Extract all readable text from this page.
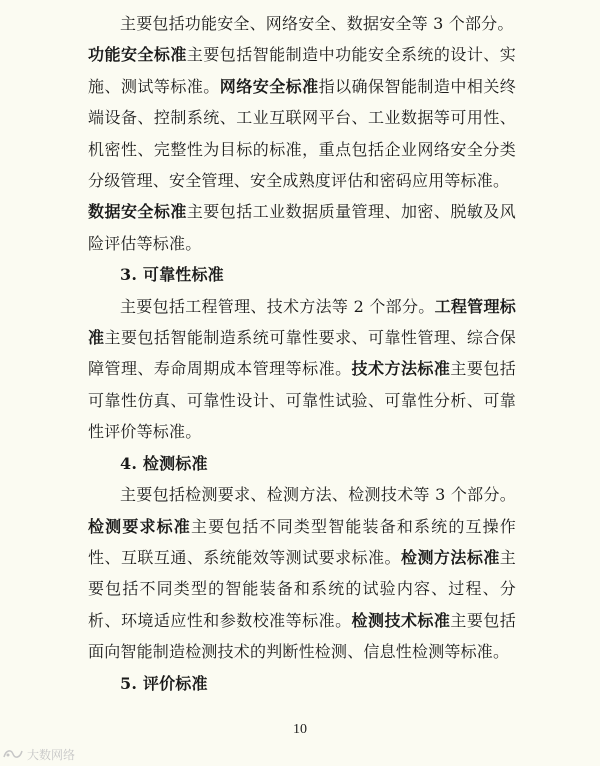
主要包括功能安全、网络安全、数据安全等 3 个部分。

功能安全标准主要包括智能制造中功能安全系统的设计、实施、测试等标准。网络安全标准指以确保智能制造中相关终端设备、控制系统、工业互联网平台、工业数据等可用性、机密性、完整性为目标的标准，重点包括企业网络安全分类分级管理、安全管理、安全成熟度评估和密码应用等标准。

数据安全标准主要包括工业数据质量管理、加密、脱敏及风险评估等标准。

3. 可靠性标准

主要包括工程管理、技术方法等 2 个部分。工程管理标准主要包括智能制造系统可靠性要求、可靠性管理、综合保障管理、寿命周期成本管理等标准。技术方法标准主要包括可靠性仿真、可靠性设计、可靠性试验、可靠性分析、可靠性评价等标准。

4. 检测标准

主要包括检测要求、检测方法、检测技术等 3 个部分。检测要求标准主要包括不同类型智能装备和系统的互操作性、互联互通、系统能效等测试要求标准。检测方法标准主要包括不同类型的智能装备和系统的试验内容、过程、分析、环境适应性和参数校准等标准。检测技术标准主要包括面向智能制造检测技术的判断性检测、信息性检测等标准。

5. 评价标准

10
大数网络
